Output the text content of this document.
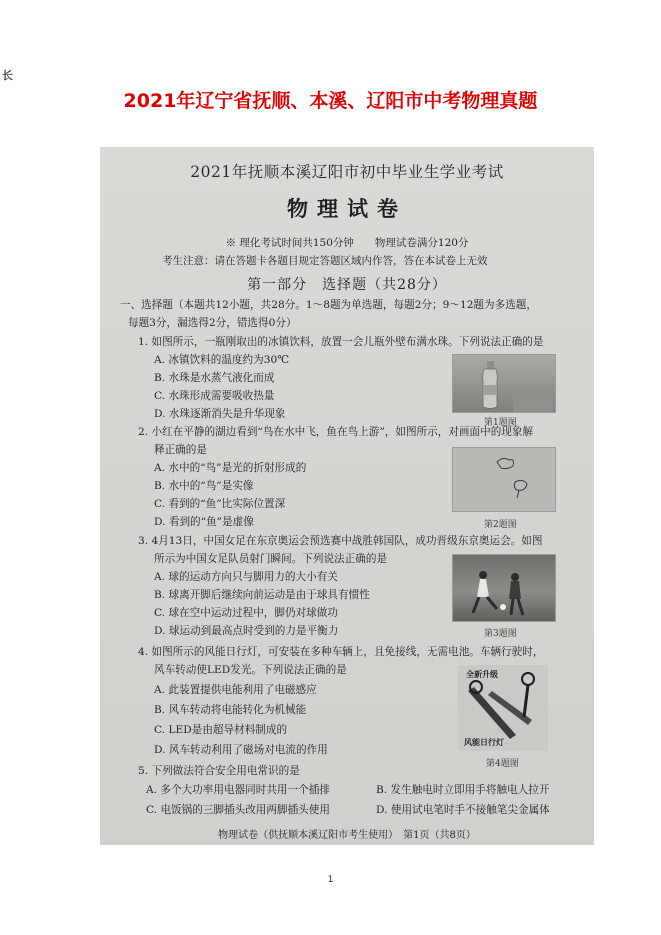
2021年辽宁省抚顺、本溪、辽阳市中考物理真题
2021年抚顺本溪辽阳市初中毕业生学业考试
物理试卷
※ 理化考试时间共150分钟　　物理试卷满分120分
考生注意：请在答题卡各题目规定答题区域内作答，答在本试卷上无效
第一部分　选择题（共28分）
一、选择题（本题共12小题，共28分。1～8题为单选题，每题2分；9～12题为多选题，
每题3分，漏选得2分，错选得0分）
1. 如图所示，一瓶刚取出的冰镇饮料，放置一会儿瓶外壁布满水珠。下列说法正确的是
A. 冰镇饮料的温度约为30℃
B. 水珠是水蒸气液化而成
C. 水珠形成需要吸收热量
D. 水珠逐渐消失是升华现象
第1题图
2. 小红在平静的湖边看到“鸟在水中飞，鱼在鸟上游”，如图所示，对画面中的现象解
释正确的是
A. 水中的“鸟”是光的折射形成的
B. 水中的“鸟”是实像
C. 看到的“鱼”比实际位置深
D. 看到的“鱼”是虚像	第2题图
3. 4月13日，中国女足在东京奥运会预选赛中战胜韩国队，成功晋级东京奥运会。如图
所示为中国女足队员射门瞬间。下列说法正确的是
A. 球的运动方向只与脚用力的大小有关
B. 球离开脚后继续向前运动是由于球具有惯性
C. 球在空中运动过程中，脚仍对球做功
D. 球运动到最高点时受到的力是平衡力	第3题图
4. 如图所示的风能日行灯，可安装在多种车辆上，且免接线，无需电池。车辆行驶时，
风车转动使LED发光。下列说法正确的是
A. 此装置提供电能利用了电磁感应
B. 风车转动将电能转化为机械能
C. LED是由超导材料制成的
D. 风车转动利用了磁场对电流的作用
全新升级
风能日行灯
第4题图
5. 下列做法符合安全用电常识的是
A. 多个大功率用电器同时共用一个插排	B. 发生触电时立即用手将触电人拉开
C. 电饭锅的三脚插头改用两脚插头使用	D. 使用试电笔时手不接触笔尖金属体
物理试卷（供抚顺本溪辽阳市考生使用）　第1页（共8页）
长
1
